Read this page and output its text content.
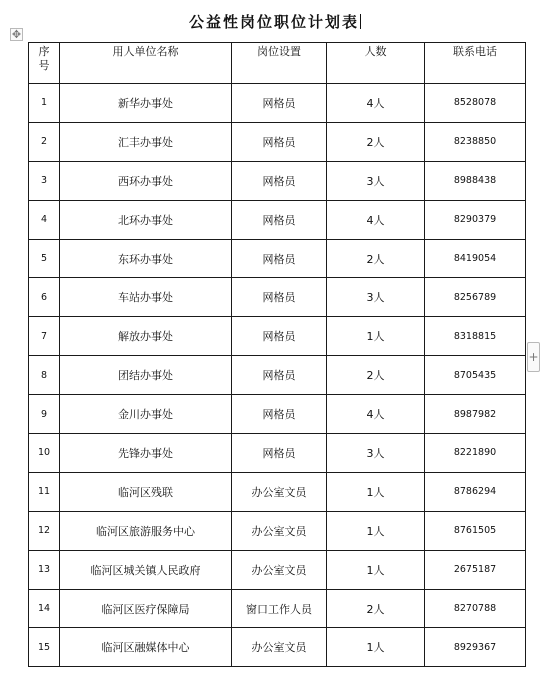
公益性岗位职位计划表
✥
+
序号	用人单位名称	岗位设置	人数	联系电话
1	新华办事处	网格员	4人	8528078
2	汇丰办事处	网格员	2人	8238850
3	西环办事处	网格员	3人	8988438
4	北环办事处	网格员	4人	8290379
5	东环办事处	网格员	2人	8419054
6	车站办事处	网格员	3人	8256789
7	解放办事处	网格员	1人	8318815
8	团结办事处	网格员	2人	8705435
9	金川办事处	网格员	4人	8987982
10	先锋办事处	网格员	3人	8221890
11	临河区残联	办公室文员	1人	8786294
12	临河区旅游服务中心	办公室文员	1人	8761505
13	临河区城关镇人民政府	办公室文员	1人	2675187
14	临河区医疗保障局	窗口工作人员	2人	8270788
15	临河区融媒体中心	办公室文员	1人	8929367
